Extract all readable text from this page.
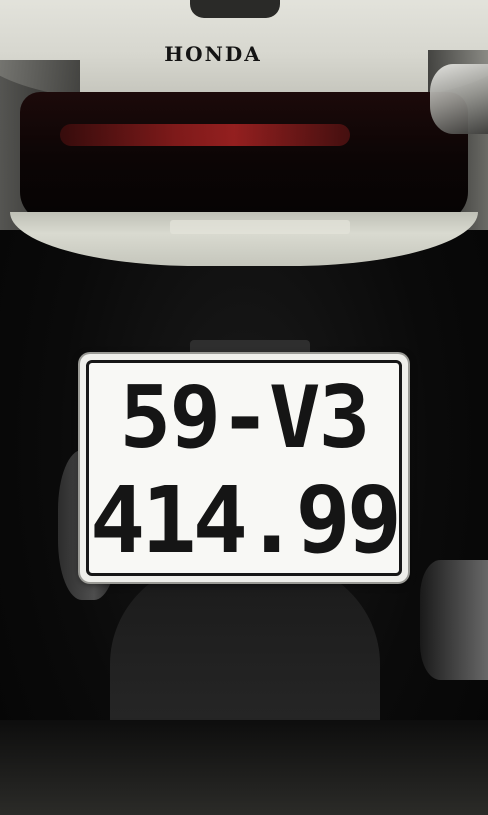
HONDA
59-V3
414.99
